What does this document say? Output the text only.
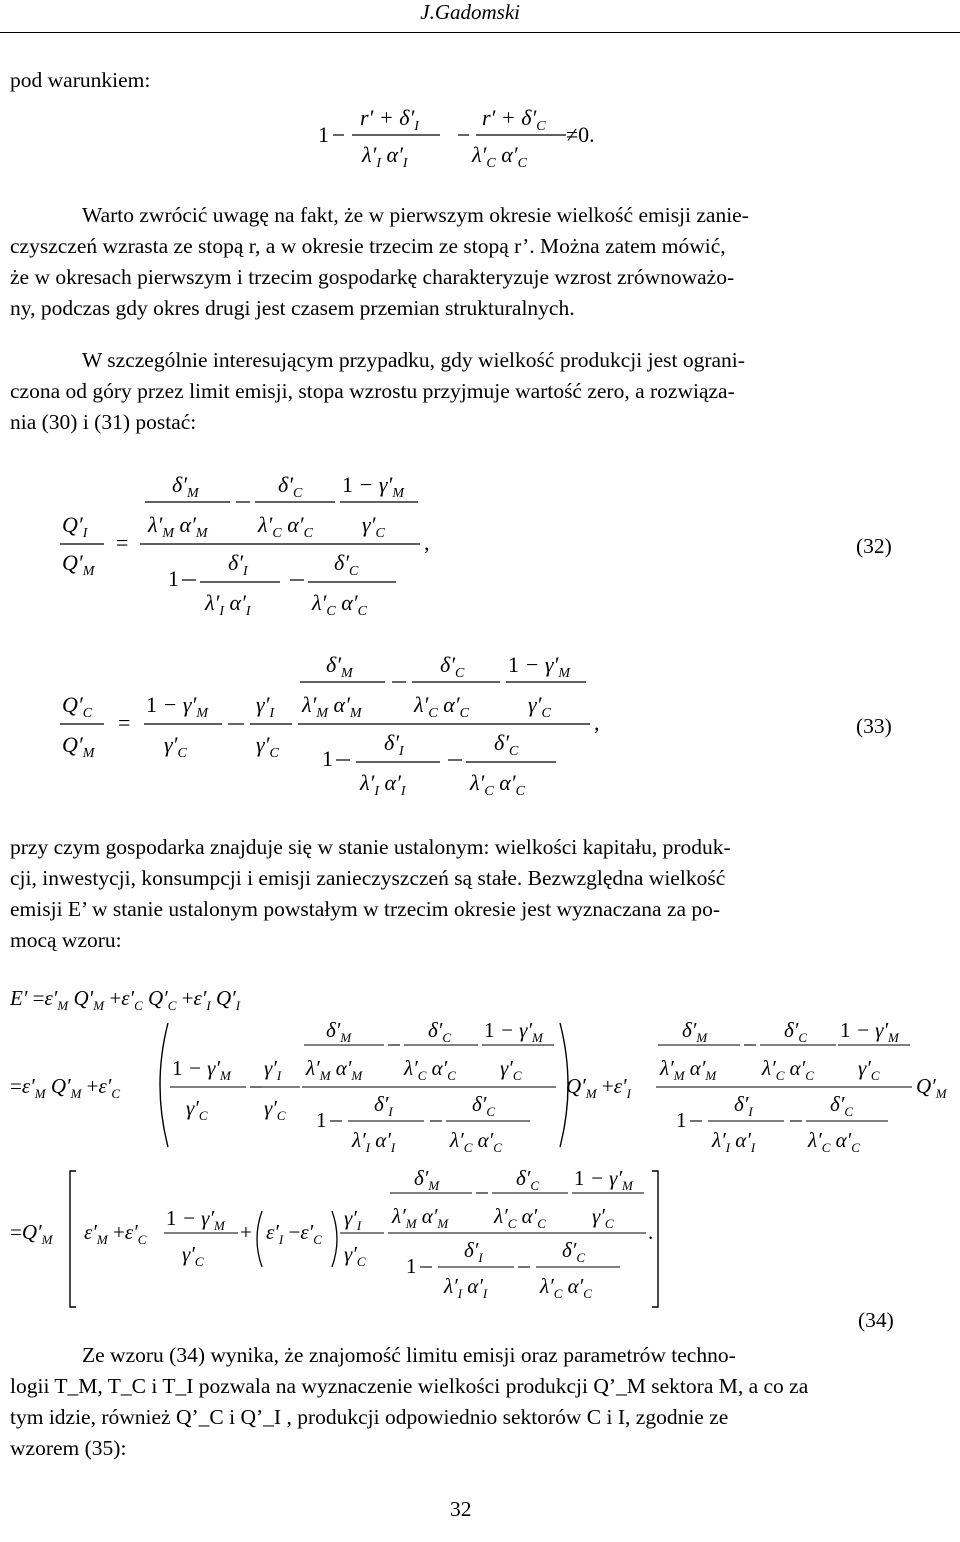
J.Gadomski
pod warunkiem:
1
$r' + \delta'_I$
$\lambda'_I$ $\alpha'_I$
$r' + \delta'_C$
$\lambda'_C$ $\alpha'_C$
≠0.
Warto zwrócić uwagę na fakt, że w pierwszym okresie wielkość emisji zanie-
czyszczeń wzrasta ze stopą r, a w okresie trzecim ze stopą r’. Można zatem mówić,
że w okresach pierwszym i trzecim gospodarkę charakteryzuje wzrost zrównoważo-
ny, podczas gdy okres drugi jest czasem przemian strukturalnych.
W szczególnie interesującym przypadku, gdy wielkość produkcji jest ograni-
czona od góry przez limit emisji, stopa wzrostu przyjmuje wartość zero, a rozwiąza-
nia (30) i (31) postać:
$Q'_I$
$Q'_M$
=	,
$\delta'_M$
$\lambda'_M$ $\alpha'_M$
$\delta'_C$
$\lambda'_C$ $\alpha'_C$
$1 - \gamma'_M$
$\gamma'_C$
1
$\delta'_I$
$\lambda'_I$ $\alpha'_I$
$\delta'_C$
$\lambda'_C$ $\alpha'_C$
(32)
$Q'_C$
$Q'_M$
=
$1 - \gamma'_M$
$\gamma'_C$
$\gamma'_I$
$\gamma'_C$
,
$\delta'_M$
$\lambda'_M$ $\alpha'_M$
$\delta'_C$
$\lambda'_C$ $\alpha'_C$
$1 - \gamma'_M$
$\gamma'_C$
1
$\delta'_I$
$\lambda'_I$ $\alpha'_I$
$\delta'_C$
$\lambda'_C$ $\alpha'_C$
(33)
przy czym gospodarka znajduje się w stanie ustalonym: wielkości kapitału, produk-
cji, inwestycji, konsumpcji i emisji zanieczyszczeń są stałe. Bezwzględna wielkość
emisji E’ w stanie ustalonym powstałym w trzecim okresie jest wyznaczana za po-
mocą wzoru:
$E' =\varepsilon'_M$ $Q'_M +\varepsilon'_C$ $Q'_C +\varepsilon'_I$ $Q'_I$
$=\varepsilon'_M$ $Q'_M +\varepsilon'_C$
$1 - \gamma'_M$
$\gamma'_C$
$\gamma'_I$
$\gamma'_C$
$\delta'_M$
$\lambda'_M$ $\alpha'_M$
$\delta'_C$
$\lambda'_C$ $\alpha'_C$
$1 - \gamma'_M$
$\gamma'_C$
1
$\delta'_I$
$\lambda'_I$ $\alpha'_I$
$\delta'_C$
$\lambda'_C$ $\alpha'_C$
$Q'_M +\varepsilon'_I$
$\delta'_M$
$\lambda'_M$ $\alpha'_M$
$\delta'_C$
$\lambda'_C$ $\alpha'_C$
$1 - \gamma'_M$
$\gamma'_C$
1
$\delta'_I$
$\lambda'_I$ $\alpha'_I$
$\delta'_C$
$\lambda'_C$ $\alpha'_C$
$Q'_M$
$=Q'_M$ $\varepsilon'_M +\varepsilon'_C$
$1 - \gamma'_M$
$\gamma'_C$
+ $\varepsilon'_I -\varepsilon'_C$
$\gamma'_I$
$\gamma'_C$
.
$\delta'_M$
$\lambda'_M$ $\alpha'_M$
$\delta'_C$
$\lambda'_C$ $\alpha'_C$
$1 - \gamma'_M$
$\gamma'_C$
1
$\delta'_I$
$\lambda'_I$ $\alpha'_I$
$\delta'_C$
$\lambda'_C$ $\alpha'_C$
(34)
Ze wzoru (34) wynika, że znajomość limitu emisji oraz parametrów techno-
logii T_M, T_C i T_I pozwala na wyznaczenie wielkości produkcji Q’_M sektora M, a co za
tym idzie, również Q’_C i Q’_I , produkcji odpowiednio sektorów C i I, zgodnie ze
wzorem (35):
32
